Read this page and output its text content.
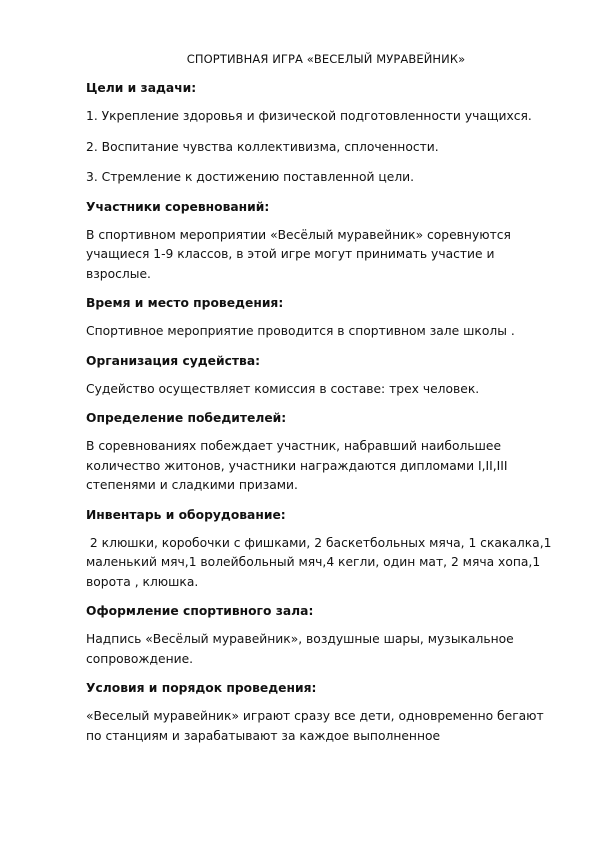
СПОРТИВНАЯ ИГРА «ВЕСЕЛЫЙ МУРАВЕЙНИК»
Цели и задачи:
1. Укрепление здоровья и физической подготовленности учащихся.
2. Воспитание чувства коллективизма, сплоченности.
3. Стремление к достижению поставленной цели.
Участники соревнований:
В спортивном мероприятии «Весёлый муравейник» соревнуются учащиеся 1-9 классов, в этой игре могут принимать участие и взрослые.
Время и место проведения:
Спортивное мероприятие проводится в спортивном зале школы .
Организация судейства:
Судейство осуществляет комиссия в составе: трех человек.
Определение победителей:
В соревнованиях побеждает участник, набравший наибольшее количество житонов, участники награждаются дипломами I,II,III степенями и сладкими призами.
Инвентарь и оборудование:
2 клюшки, коробочки с фишками, 2 баскетбольных мяча, 1 скакалка,1 маленький мяч,1 волейбольный мяч,4 кегли, один мат, 2 мяча хопа,1 ворота , клюшка.
Оформление спортивного зала:
Надпись «Весёлый муравейник», воздушные шары, музыкальное сопровождение.
Условия и порядок проведения:
«Веселый муравейник» играют сразу все дети, одновременно бегают по станциям и зарабатывают за каждое выполненное
